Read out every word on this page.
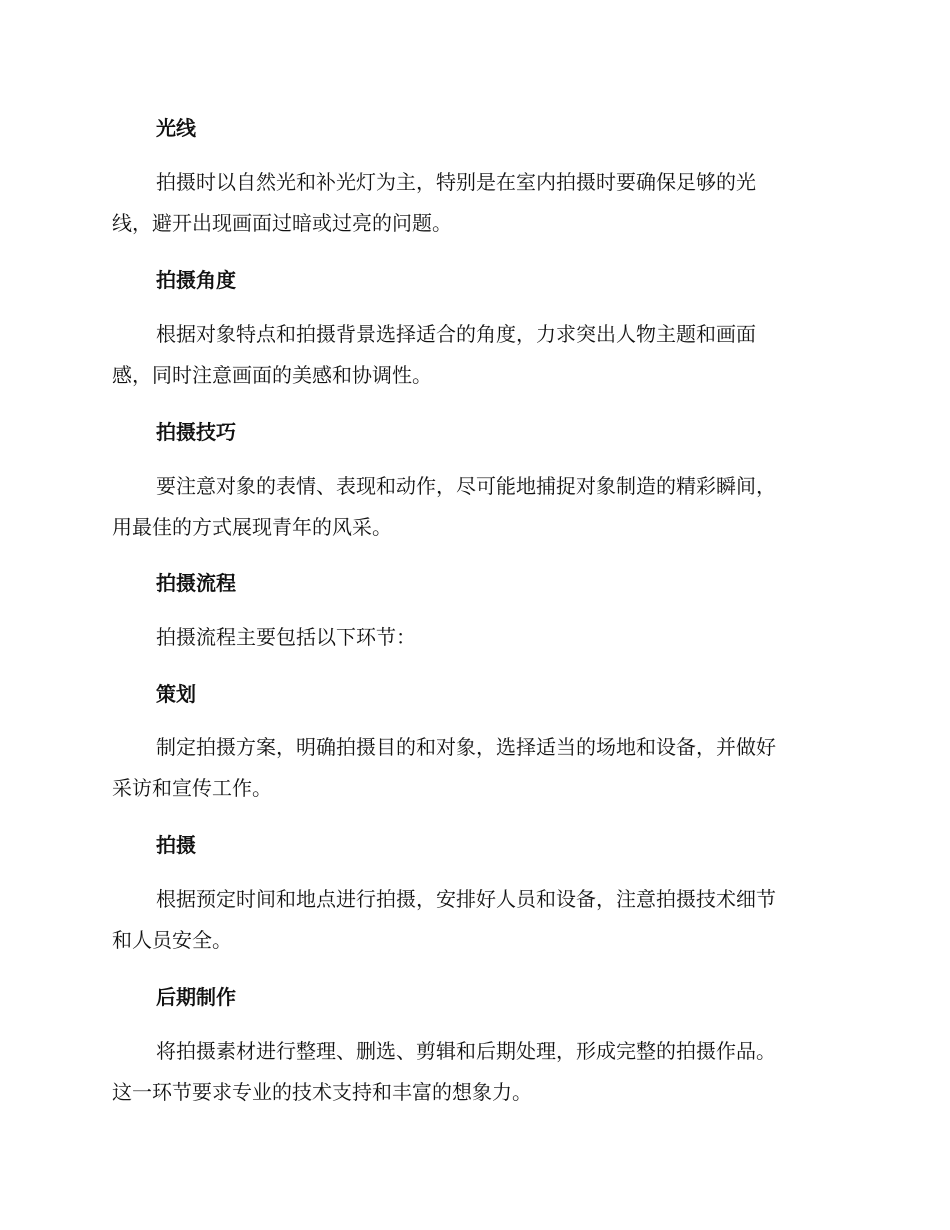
光线

拍摄时以自然光和补光灯为主，特别是在室内拍摄时要确保足够的光
线，避开出现画面过暗或过亮的问题。

拍摄角度

根据对象特点和拍摄背景选择适合的角度，力求突出人物主题和画面
感，同时注意画面的美感和协调性。

拍摄技巧

要注意对象的表情、表现和动作，尽可能地捕捉对象制造的精彩瞬间，
用最佳的方式展现青年的风采。

拍摄流程

拍摄流程主要包括以下环节：

策划

制定拍摄方案，明确拍摄目的和对象，选择适当的场地和设备，并做好
采访和宣传工作。

拍摄

根据预定时间和地点进行拍摄，安排好人员和设备，注意拍摄技术细节
和人员安全。

后期制作

将拍摄素材进行整理、删选、剪辑和后期处理，形成完整的拍摄作品。
这一环节要求专业的技术支持和丰富的想象力。
